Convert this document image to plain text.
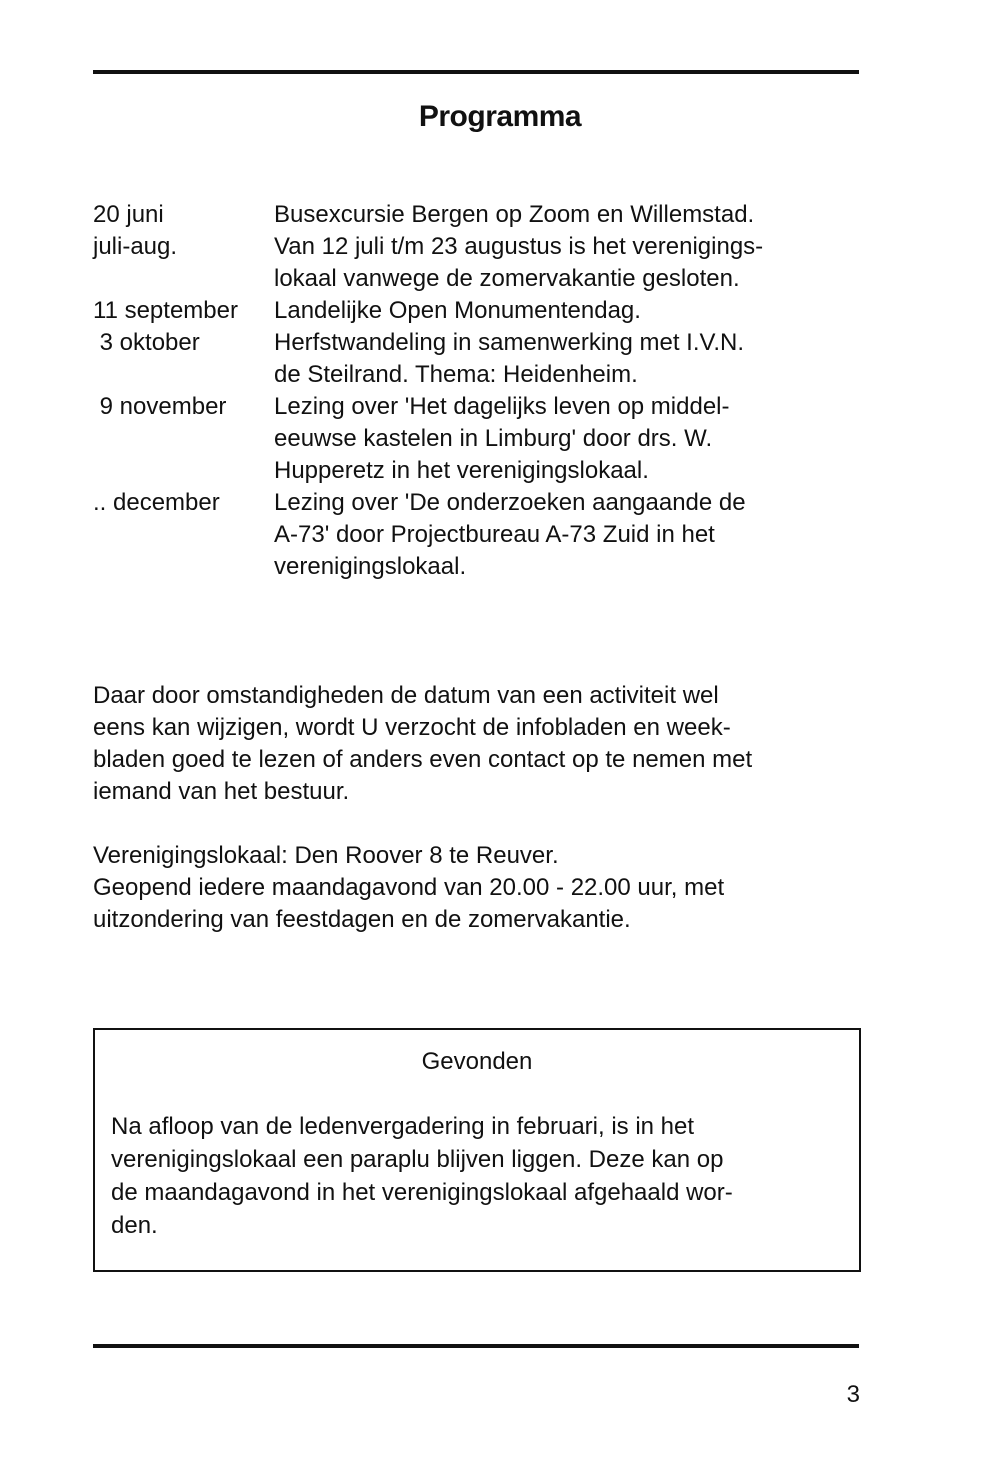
Programma
20 juni	Busexcursie Bergen op Zoom en Willemstad.
juli-aug.	Van 12 juli t/m 23 augustus is het verenigings-
lokaal vanwege de zomervakantie gesloten.
11 september	Landelijke Open Monumentendag.
3 oktober	Herfstwandeling in samenwerking met I.V.N.
de Steilrand. Thema: Heidenheim.
9 november	Lezing over 'Het dagelijks leven op middel-
eeuwse kastelen in Limburg' door drs. W.
Hupperetz in het verenigingslokaal.
.. december	Lezing over 'De onderzoeken aangaande de
A-73' door Projectbureau A-73 Zuid in het
verenigingslokaal.
Daar door omstandigheden de datum van een activiteit wel
eens kan wijzigen, wordt U verzocht de infobladen en week-
bladen goed te lezen of anders even contact op te nemen met
iemand van het bestuur.
Verenigingslokaal: Den Roover 8 te Reuver.
Geopend iedere maandagavond van 20.00 - 22.00 uur, met
uitzondering van feestdagen en de zomervakantie.
Gevonden
Na afloop van de ledenvergadering in februari, is in het
verenigingslokaal een paraplu blijven liggen. Deze kan op
de maandagavond in het verenigingslokaal afgehaald wor-
den.
3
